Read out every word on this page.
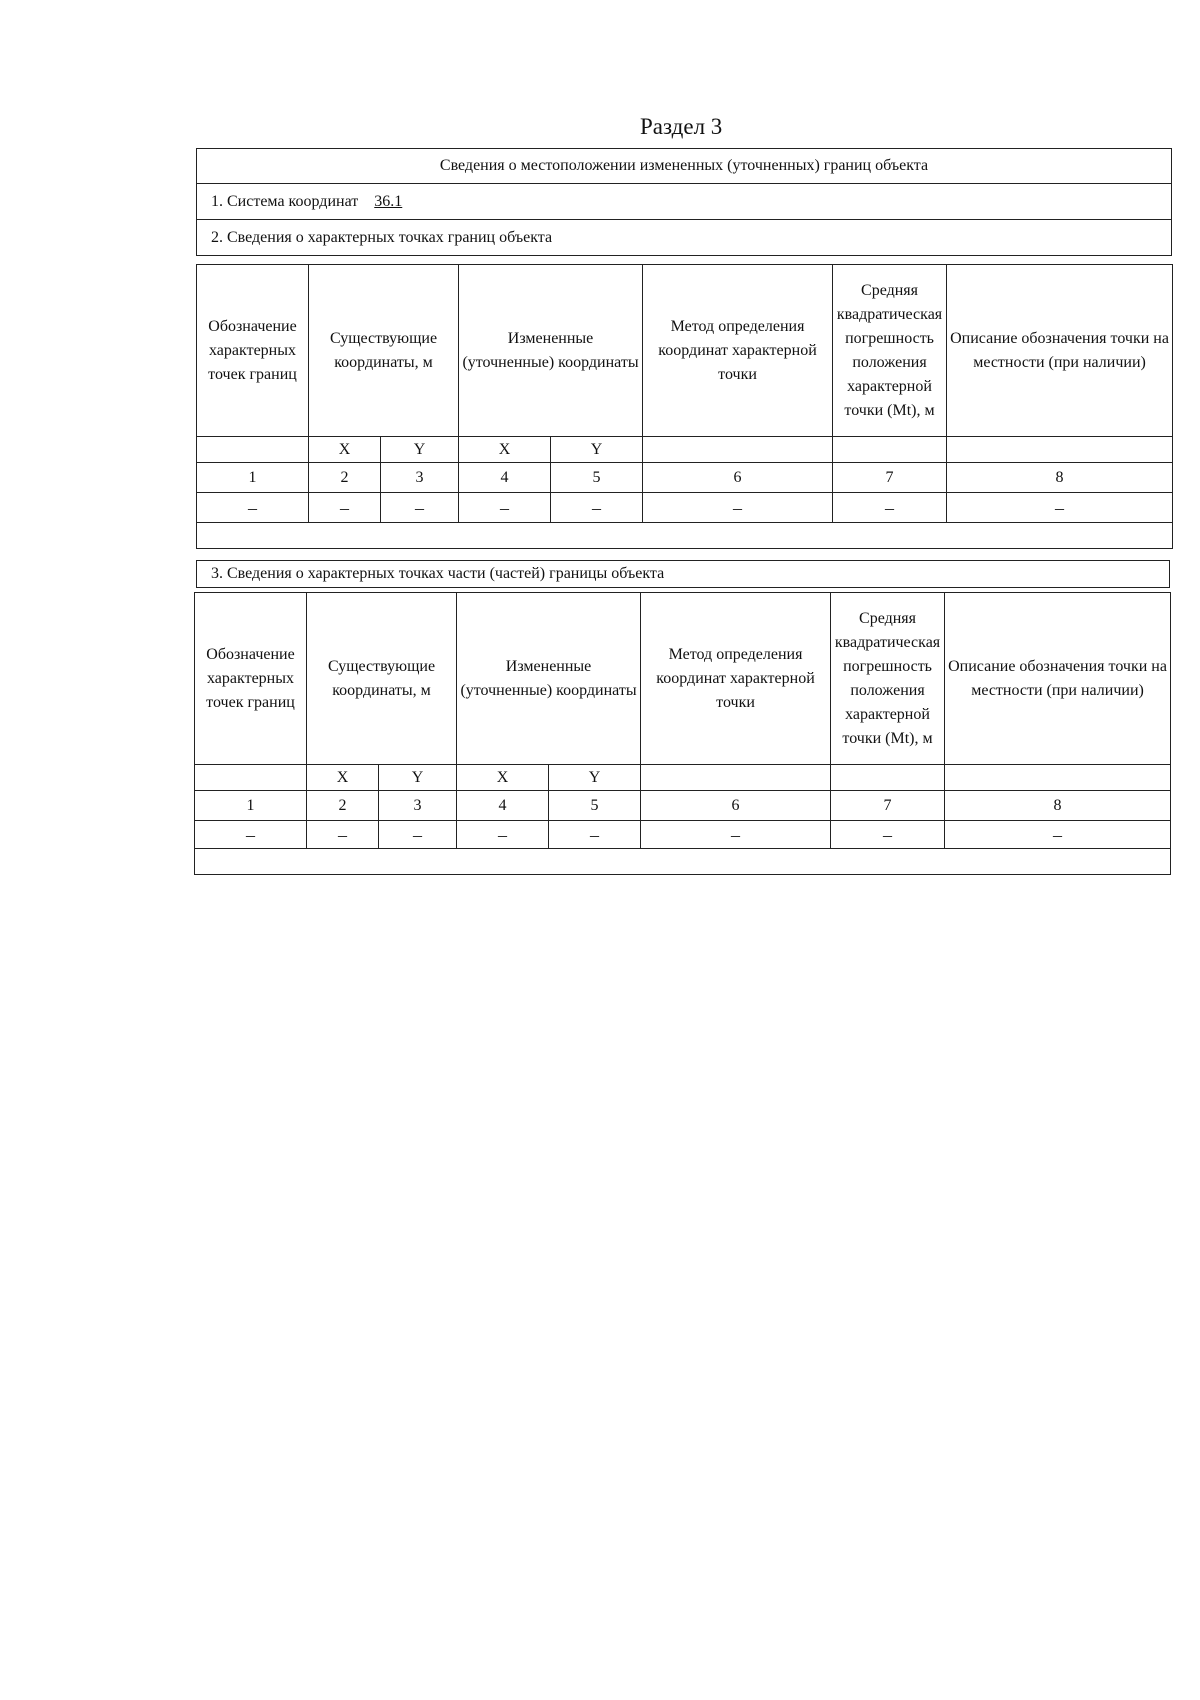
Раздел 3
Сведения о местоположении измененных (уточненных) границ объекта
1. Система координат 36.1
2. Сведения о характерных точках границ объекта
Обозначение характерных точек границ	Существующие координаты, м		Измененные (уточненные) координаты		Метод определения координат характерной точки	Средняя квадратическая погрешность положения характерной точки (Mt), м	Описание обозначения точки на местности (при наличии)
	X	Y	X	Y			
1	2	3	4	5	6	7	8
–	–	–	–	–	–	–	–

3. Сведения о характерных точках части (частей) границы объекта
Обозначение характерных точек границ	Существующие координаты, м		Измененные (уточненные) координаты		Метод определения координат характерной точки	Средняя квадратическая погрешность положения характерной точки (Mt), м	Описание обозначения точки на местности (при наличии)
	X	Y	X	Y			
1	2	3	4	5	6	7	8
–	–	–	–	–	–	–	–
